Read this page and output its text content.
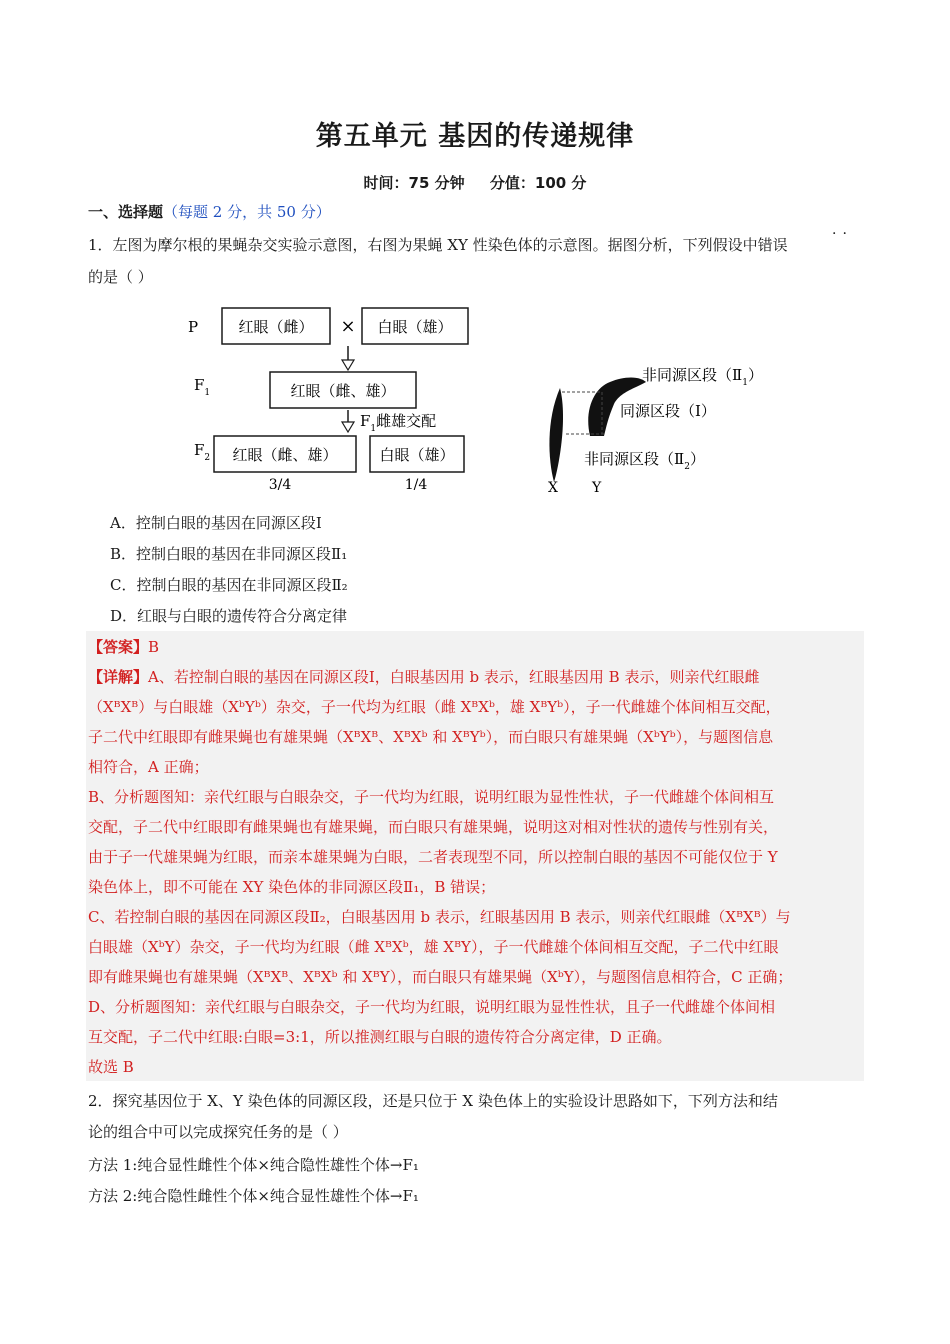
第五单元 基因的传递规律
时间：75 分钟 分值：100 分
一、选择题（每题 2 分，共 50 分）
··
1．左图为摩尔根的果蝇杂交实验示意图，右图为果蝇 XY 性染色体的示意图。据图分析，下列假设中错误
的是（ ）
P	红眼（雌） × 白眼（雄）
$F_1$	红眼（雌、雄）
$F_1$雌雄交配
$F_2$ 红眼（雌、雄）	白眼（雄）
3/4	1/4
非同源区段$(Ⅱ_1)$
同源区段（Ⅰ）
非同源区段$(Ⅱ_2)$
X Y
A．控制白眼的基因在同源区段Ⅰ
B．控制白眼的基因在非同源区段Ⅱ₁
C．控制白眼的基因在非同源区段Ⅱ₂
D．红眼与白眼的遗传符合分离定律
【答案】B
【详解】A、若控制白眼的基因在同源区段Ⅰ，白眼基因用 b 表示，红眼基因用 B 表示，则亲代红眼雌
（XᴮXᴮ）与白眼雄（XᵇYᵇ）杂交，子一代均为红眼（雌 XᴮXᵇ，雄 XᴮYᵇ），子一代雌雄个体间相互交配，
子二代中红眼即有雌果蝇也有雄果蝇（XᴮXᴮ、XᴮXᵇ 和 XᴮYᵇ），而白眼只有雄果蝇（XᵇYᵇ），与题图信息
相符合，A 正确；
B、分析题图知：亲代红眼与白眼杂交，子一代均为红眼，说明红眼为显性性状，子一代雌雄个体间相互
交配，子二代中红眼即有雌果蝇也有雄果蝇，而白眼只有雄果蝇，说明这对相对性状的遗传与性别有关，
由于子一代雄果蝇为红眼，而亲本雄果蝇为白眼，二者表现型不同，所以控制白眼的基因不可能仅位于 Y
染色体上，即不可能在 XY 染色体的非同源区段Ⅱ₁，B 错误；
C、若控制白眼的基因在同源区段Ⅱ₂，白眼基因用 b 表示，红眼基因用 B 表示，则亲代红眼雌（XᴮXᴮ）与
白眼雄（XᵇY）杂交，子一代均为红眼（雌 XᴮXᵇ，雄 XᴮY），子一代雌雄个体间相互交配，子二代中红眼
即有雌果蝇也有雄果蝇（XᴮXᴮ、XᴮXᵇ 和 XᴮY），而白眼只有雄果蝇（XᵇY），与题图信息相符合，C 正确；
D、分析题图知：亲代红眼与白眼杂交，子一代均为红眼，说明红眼为显性性状，且子一代雌雄个体间相
互交配，子二代中红眼:白眼=3:1，所以推测红眼与白眼的遗传符合分离定律，D 正确。
故选 B
2．探究基因位于 X、Y 染色体的同源区段，还是只位于 X 染色体上的实验设计思路如下，下列方法和结
论的组合中可以完成探究任务的是（ ）
方法 1:纯合显性雌性个体×纯合隐性雄性个体→F₁
方法 2:纯合隐性雌性个体×纯合显性雄性个体→F₁
